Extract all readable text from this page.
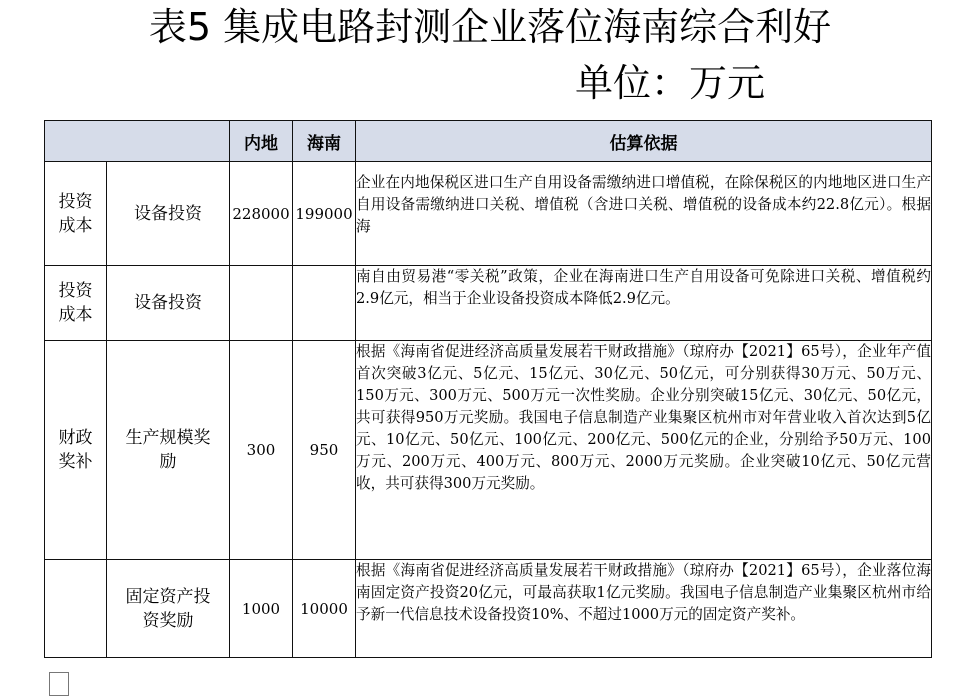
表5 集成电路封测企业落位海南综合利好
单位：万元
		内地	海南	估算依据

投资成本	设备投资	228000	199000	企业在内地保税区进口生产自用设备需缴纳进口增值税，在除保税区的内地地区进口生产自用设备需缴纳进口关税、增值税（含进口关税、增值税的设备成本约22.8亿元）。根据海

投资成本	设备投资			南自由贸易港“零关税”政策，企业在海南进口生产自用设备可免除进口关税、增值税约2.9亿元，相当于企业设备投资成本降低2.9亿元。

财政奖补	生产规模奖励	300	950	根据《海南省促进经济高质量发展若干财政措施》（琼府办【2021】65号），企业年产值首次突破3亿元、5亿元、15亿元、30亿元、50亿元，可分别获得30万元、50万元、150万元、300万元、500万元一次性奖励。企业分别突破15亿元、30亿元、50亿元，共可获得950万元奖励。我国电子信息制造产业集聚区杭州市对年营业收入首次达到5亿元、10亿元、50亿元、100亿元、200亿元、500亿元的企业，分别给予50万元、100万元、200万元、400万元、800万元、2000万元奖励。企业突破10亿元、50亿元营收，共可获得300万元奖励。

	固定资产投资奖励	1000	10000	根据《海南省促进经济高质量发展若干财政措施》（琼府办【2021】65号），企业落位海南固定资产投资20亿元，可最高获取1亿元奖励。我国电子信息制造产业集聚区杭州市给予新一代信息技术设备投资10%、不超过1000万元的固定资产奖补。
